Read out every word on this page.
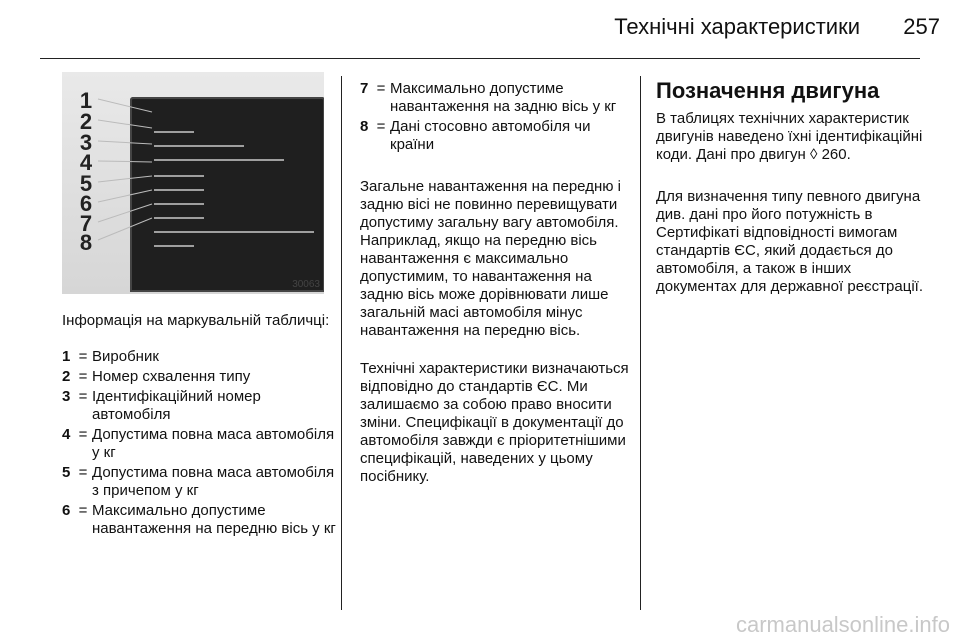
Технічні характеристики	257
1
2
3
4
5
6
7
8
30063
Інформація на маркувальній табличці:
1 = Виробник
2 = Номер схвалення типу
3 = Ідентифікаційний номер автомобіля
4 = Допустима повна маса автомобіля у кг
5 = Допустима повна маса автомобіля з причепом у кг
6 = Максимально допустиме навантаження на передню вісь у кг
7 = Максимально допустиме навантаження на задню вісь у кг
8 = Дані стосовно автомобіля чи країни

Загальне навантаження на передню і задню вісі не повинно перевищувати допустиму загальну вагу автомобіля. Наприклад, якщо на передню вісь навантаження є максимально допустимим, то навантаження на задню вісь може дорівнювати лише загальній масі автомобіля мінус навантаження на передню вісь.

Технічні характеристики визначаються відповідно до стандартів ЄС. Ми залишаємо за собою право вносити зміни. Специфікації в документації до автомобіля завжди є пріоритетнішими специфікацій, наведених у цьому посібнику.

Позначення двигуна

В таблицях технічних характеристик двигунів наведено їхні ідентифікаційні коди. Дані про двигун ◊ 260.

Для визначення типу певного двигуна див. дані про його потужність в Сертифікаті відповідності вимогам стандартів ЄС, який додається до автомобіля, а також в інших документах для державної реєстрації.

carmanualsonline.info
